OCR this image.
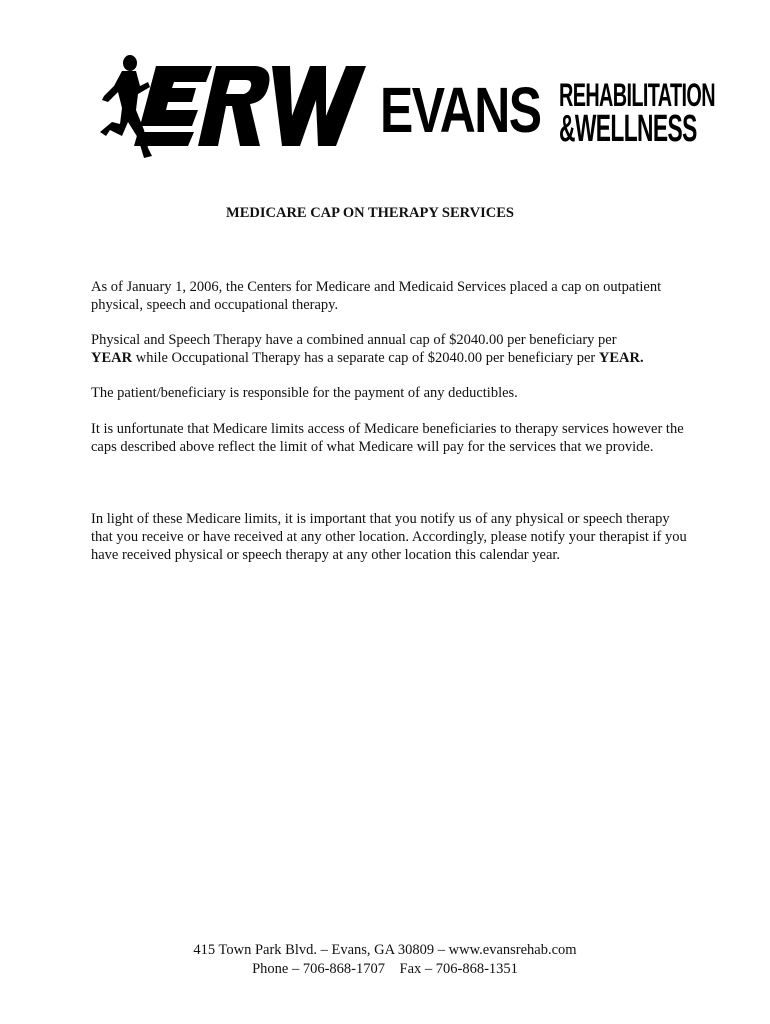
EVANS REHABILITATION
&WELLNESS
MEDICARE CAP ON THERAPY SERVICES

As of January 1, 2006, the Centers for Medicare and Medicaid Services placed a cap on outpatient physical, speech and occupational therapy.

Physical and Speech Therapy have a combined annual cap of $2040.00 per beneficiary per
YEAR while Occupational Therapy has a separate cap of $2040.00 per beneficiary per YEAR.

The patient/beneficiary is responsible for the payment of any deductibles.

It is unfortunate that Medicare limits access of Medicare beneficiaries to therapy services however the caps described above reflect the limit of what Medicare will pay for the services that we provide.

In light of these Medicare limits, it is important that you notify us of any physical or speech therapy that you receive or have received at any other location. Accordingly, please notify your therapist if you have received physical or speech therapy at any other location this calendar year.

415 Town Park Blvd. – Evans, GA 30809 – www.evansrehab.com
Phone – 706-868-1707 Fax – 706-868-1351
